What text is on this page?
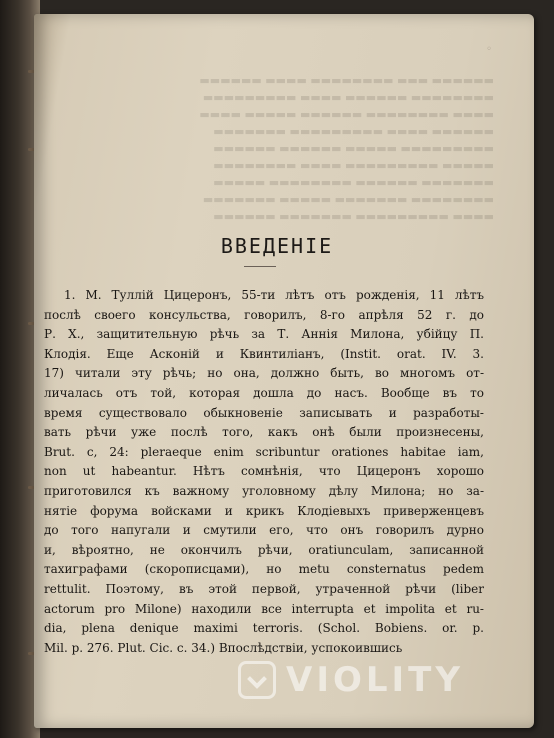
▬▬▬▬▬▬ ▬▬▬ ▬▬▬▬▬▬▬▬ ▬▬▬▬ ▬▬▬▬▬▬
▬▬▬▬▬▬▬▬ ▬▬▬▬▬▬ ▬▬▬▬ ▬▬▬▬▬▬▬▬▬
▬▬▬▬ ▬▬▬▬▬▬▬▬ ▬▬▬▬▬▬ ▬▬▬▬▬ ▬▬▬▬
▬▬▬▬▬▬ ▬▬▬▬ ▬▬▬▬▬▬▬▬▬ ▬▬▬▬▬▬▬
▬▬▬▬▬▬▬▬▬ ▬▬▬▬▬ ▬▬▬▬▬▬ ▬▬▬▬▬▬
▬▬▬▬▬ ▬▬▬▬▬▬▬▬▬ ▬▬▬▬ ▬▬▬▬▬▬▬▬
▬▬▬▬▬▬▬ ▬▬▬▬▬▬ ▬▬▬▬▬▬▬▬ ▬▬▬▬▬
▬▬▬▬▬▬▬▬ ▬▬▬▬▬▬▬ ▬▬▬▬▬ ▬▬▬▬▬▬▬
▬▬▬▬ ▬▬▬▬▬▬▬▬▬ ▬▬▬▬▬▬▬ ▬▬▬▬▬▬
◦
ВВЕДЕНІЕ
1. М. Туллій Цицеронъ, 55-ти лѣтъ отъ рожденія, 11 лѣтъ
послѣ своего консульства, говорилъ, 8-го апрѣля 52 г. до
Р. Х., защитительную рѣчь за Т. Аннія Милона, убійцу П.
Клодія. Еще Асконій и Квинтиліанъ, (Instit. orat. IV. 3.
17) читали эту рѣчь; но она, должно быть, во многомъ от-
личалась отъ той, которая дошла до насъ. Вообще въ то
время существовало обыкновеніе записывать и разработы-
вать рѣчи уже послѣ того, какъ онѣ были произнесены,
Brut. c, 24: pleraeque enim scribuntur orationes habitae iam,
non ut habeantur. Нѣтъ сомнѣнія, что Цицеронъ хорошо
приготовился къ важному уголовному дѣлу Милона; но за-
нятіе форума войсками и крикъ Клодіевыхъ приверженцевъ
до того напугали и смутили его, что онъ говорилъ дурно
и, вѣроятно, не окончилъ рѣчи, oratiunculam, записанной
тахиграфами (скорописцами), но metu consternatus pedem
rettulit. Поэтому, въ этой первой, утраченной рѣчи (liber
actorum pro Milone) находили все interrupta et impolita et ru-
dia, plena denique maximi terroris. (Schol. Bobiens. or. p.
Mil. p. 276. Plut. Cic. c. 34.) Впослѣдствіи, успокоившись
VIOLITY
